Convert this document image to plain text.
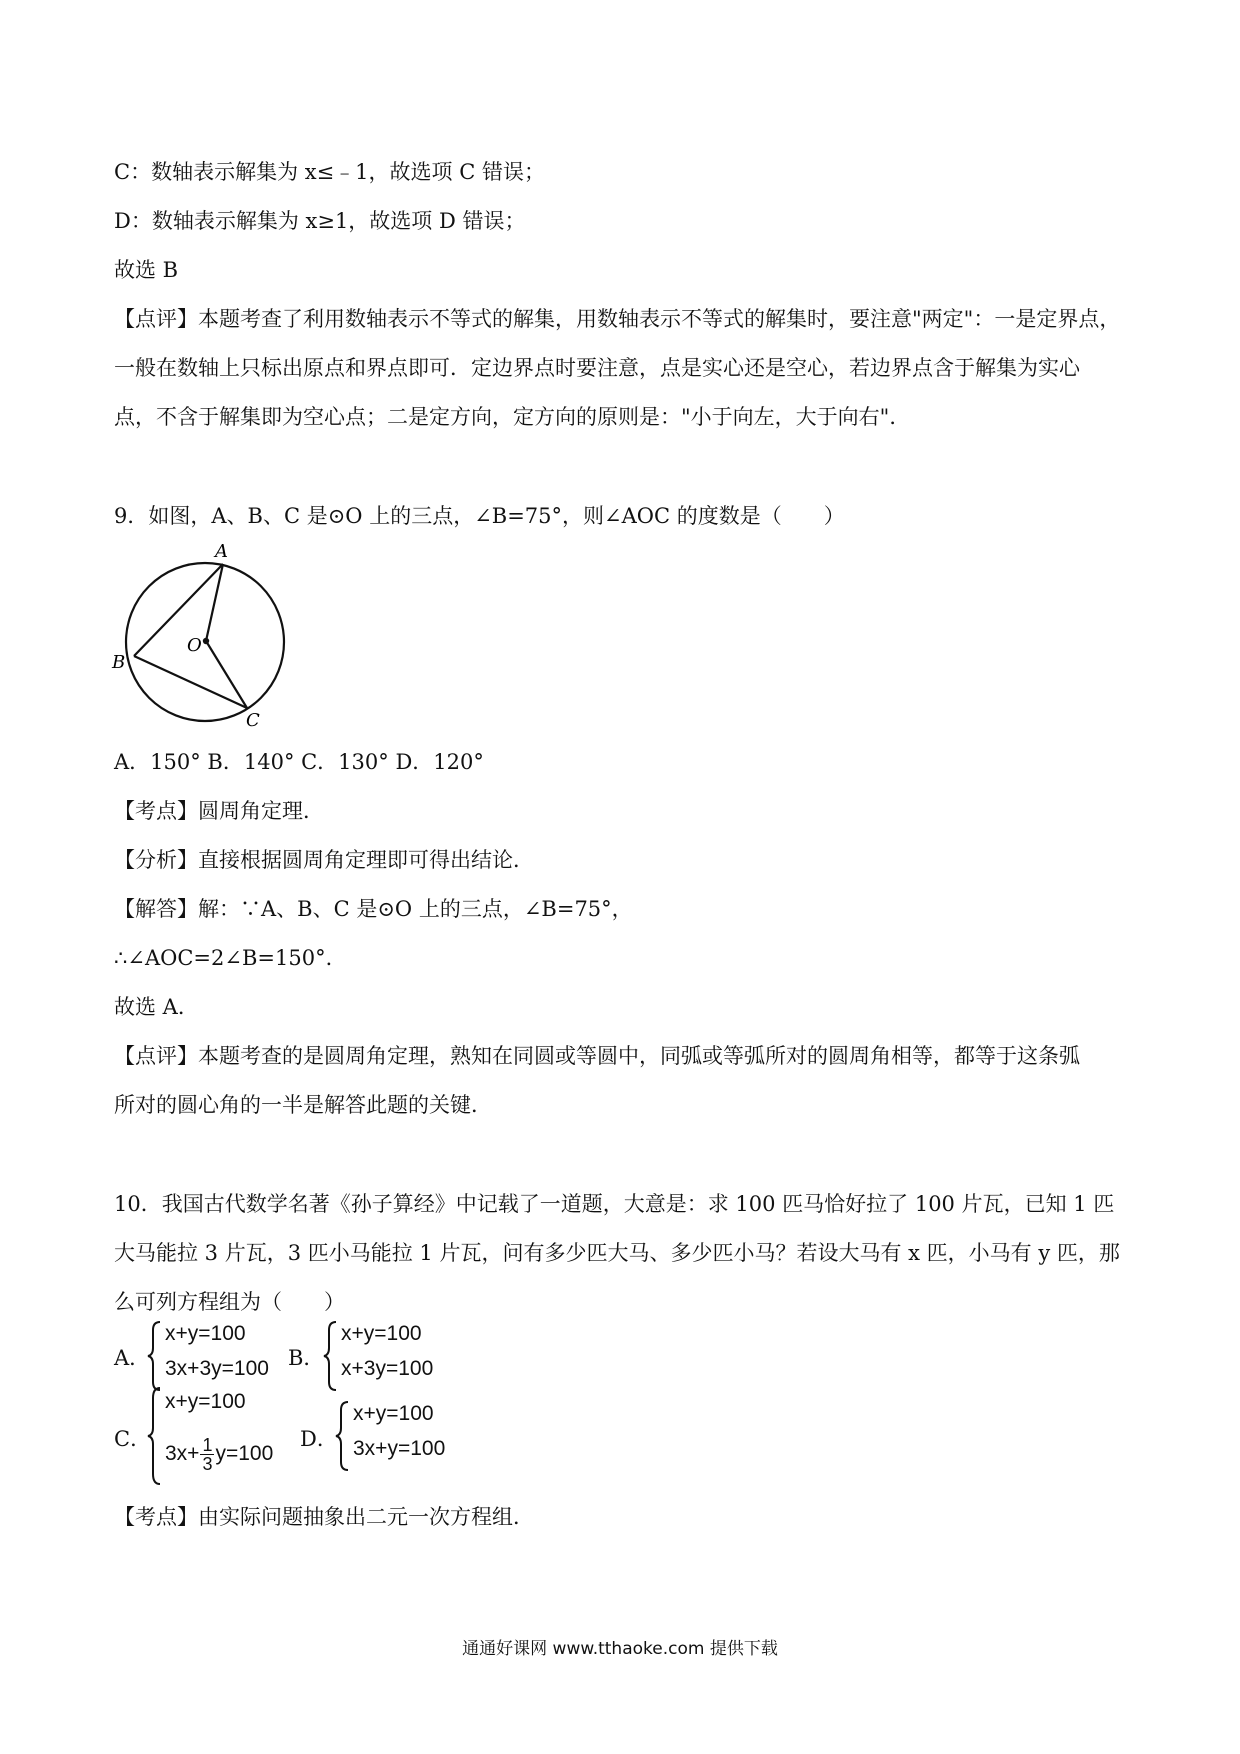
C：数轴表示解集为 x≤﹣1，故选项 C 错误；
D：数轴表示解集为 x≥1，故选项 D 错误；
故选 B
【点评】本题考查了利用数轴表示不等式的解集，用数轴表示不等式的解集时，要注意"两定"：一是定界点，
一般在数轴上只标出原点和界点即可．定边界点时要注意，点是实心还是空心，若边界点含于解集为实心
点，不含于解集即为空心点；二是定方向，定方向的原则是："小于向左，大于向右"．
9．如图，A、B、C 是⊙O 上的三点，∠B=75°，则∠AOC 的度数是（　　）
A
B
C
O
A．150° B．140° C．130° D．120°
【考点】圆周角定理．
【分析】直接根据圆周角定理即可得出结论．
【解答】解：∵A、B、C 是⊙O 上的三点，∠B=75°，
∴∠AOC=2∠B=150°．
故选 A．
【点评】本题考查的是圆周角定理，熟知在同圆或等圆中，同弧或等弧所对的圆周角相等，都等于这条弧
所对的圆心角的一半是解答此题的关键．
10．我国古代数学名著《孙子算经》中记载了一道题，大意是：求 100 匹马恰好拉了 100 片瓦，已知 1 匹
大马能拉 3 片瓦，3 匹小马能拉 1 片瓦，问有多少匹大马、多少匹小马？若设大马有 x 匹，小马有 y 匹，那
么可列方程组为（　　）
A．
x+y=100
3x+3y=100 B．
x+y=100
x+3y=100
C．
x+y=100
$3x+ \frac{1}{3} y=100$
D．
x+y=100
3x+y=100
【考点】由实际问题抽象出二元一次方程组．
通通好课网 www.tthaoke.com 提供下载
